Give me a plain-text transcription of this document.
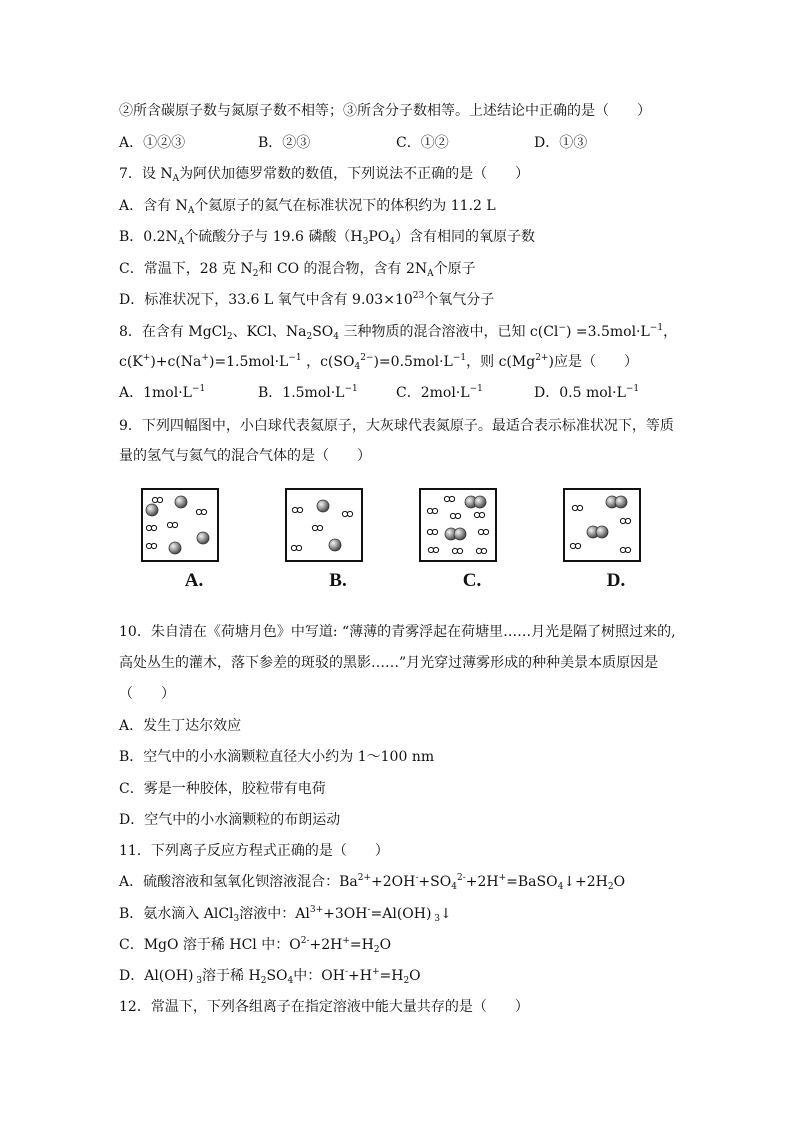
②所含碳原子数与氮原子数不相等；③所含分子数相等。上述结论中正确的是（　　）
A．①②③	B．②③	C．①②	D．①③
7．设 $N_A$为阿伏加德罗常数的数值，下列说法不正确的是（　　）
A．含有 $N_A$个氦原子的氦气在标准状况下的体积约为 11.2 L
B．$0.2N_A$个硫酸分子与 19.6 磷酸$(H_3PO_4)$含有相同的氧原子数
C．常温下，28 克 $N_2$和 CO 的混合物，含有 $2N_A$个原子
D．标准状况下，33.6 L 氧气中含有 $9.03\times 10^{23}$个氧气分子
8．在含有 MgCl$_2$、KCl、$Na_2SO_4$ 三种物质的混合溶液中，已知 $c(Cl^-) =3.5mol\cdot L^{-1}$，
$c(K^+)+c(Na^+)=1.5mol\cdot L^{-1}$ ，$c(SO_4^{2-})=0.5mol\cdot L^{-1}$，则 $c(Mg^{2+})$应是（　　）
A．$1mol\cdot L^{-1}$	B．$1.5mol\cdot L^{-1}$	C．$2mol\cdot L^{-1}$	D．0.5 $mol\cdot L^{-1}$
9．下列四幅图中，小白球代表氦原子，大灰球代表氮原子。最适合表示标准状况下，等质
量的氢气与氦气的混合气体的是（　　）
A.	B.	C.	D.
10．朱自清在《荷塘月色》中写道: “薄薄的青雾浮起在荷塘里……月光是隔了树照过来的,
高处丛生的灌木，落下参差的斑驳的黑影……”月光穿过薄雾形成的种种美景本质原因是
（　　）
A．发生丁达尔效应
B．空气中的小水滴颗粒直径大小约为 1～100 nm
C．雾是一种胶体，胶粒带有电荷
D．空气中的小水滴颗粒的布朗运动
11．下列离子反应方程式正确的是（　　）
A．硫酸溶液和氢氧化钡溶液混合：$Ba^{2+}+2OH^-+SO_4^{2-}+2H^+=BaSO_4↓+2H_2O$
B．氨水滴入 AlCl$_3$溶液中：$Al^{3+}+3OH^-=Al(OH)$ $_3$↓
C．MgO 溶于稀 HCl 中：$O^{2-}+2H^+=H_2O$
D．Al(OH) $_3$溶于稀 $H_2SO_4$中：$OH^-+H^+=H_2O$
12．常温下，下列各组离子在指定溶液中能大量共存的是（　　）
